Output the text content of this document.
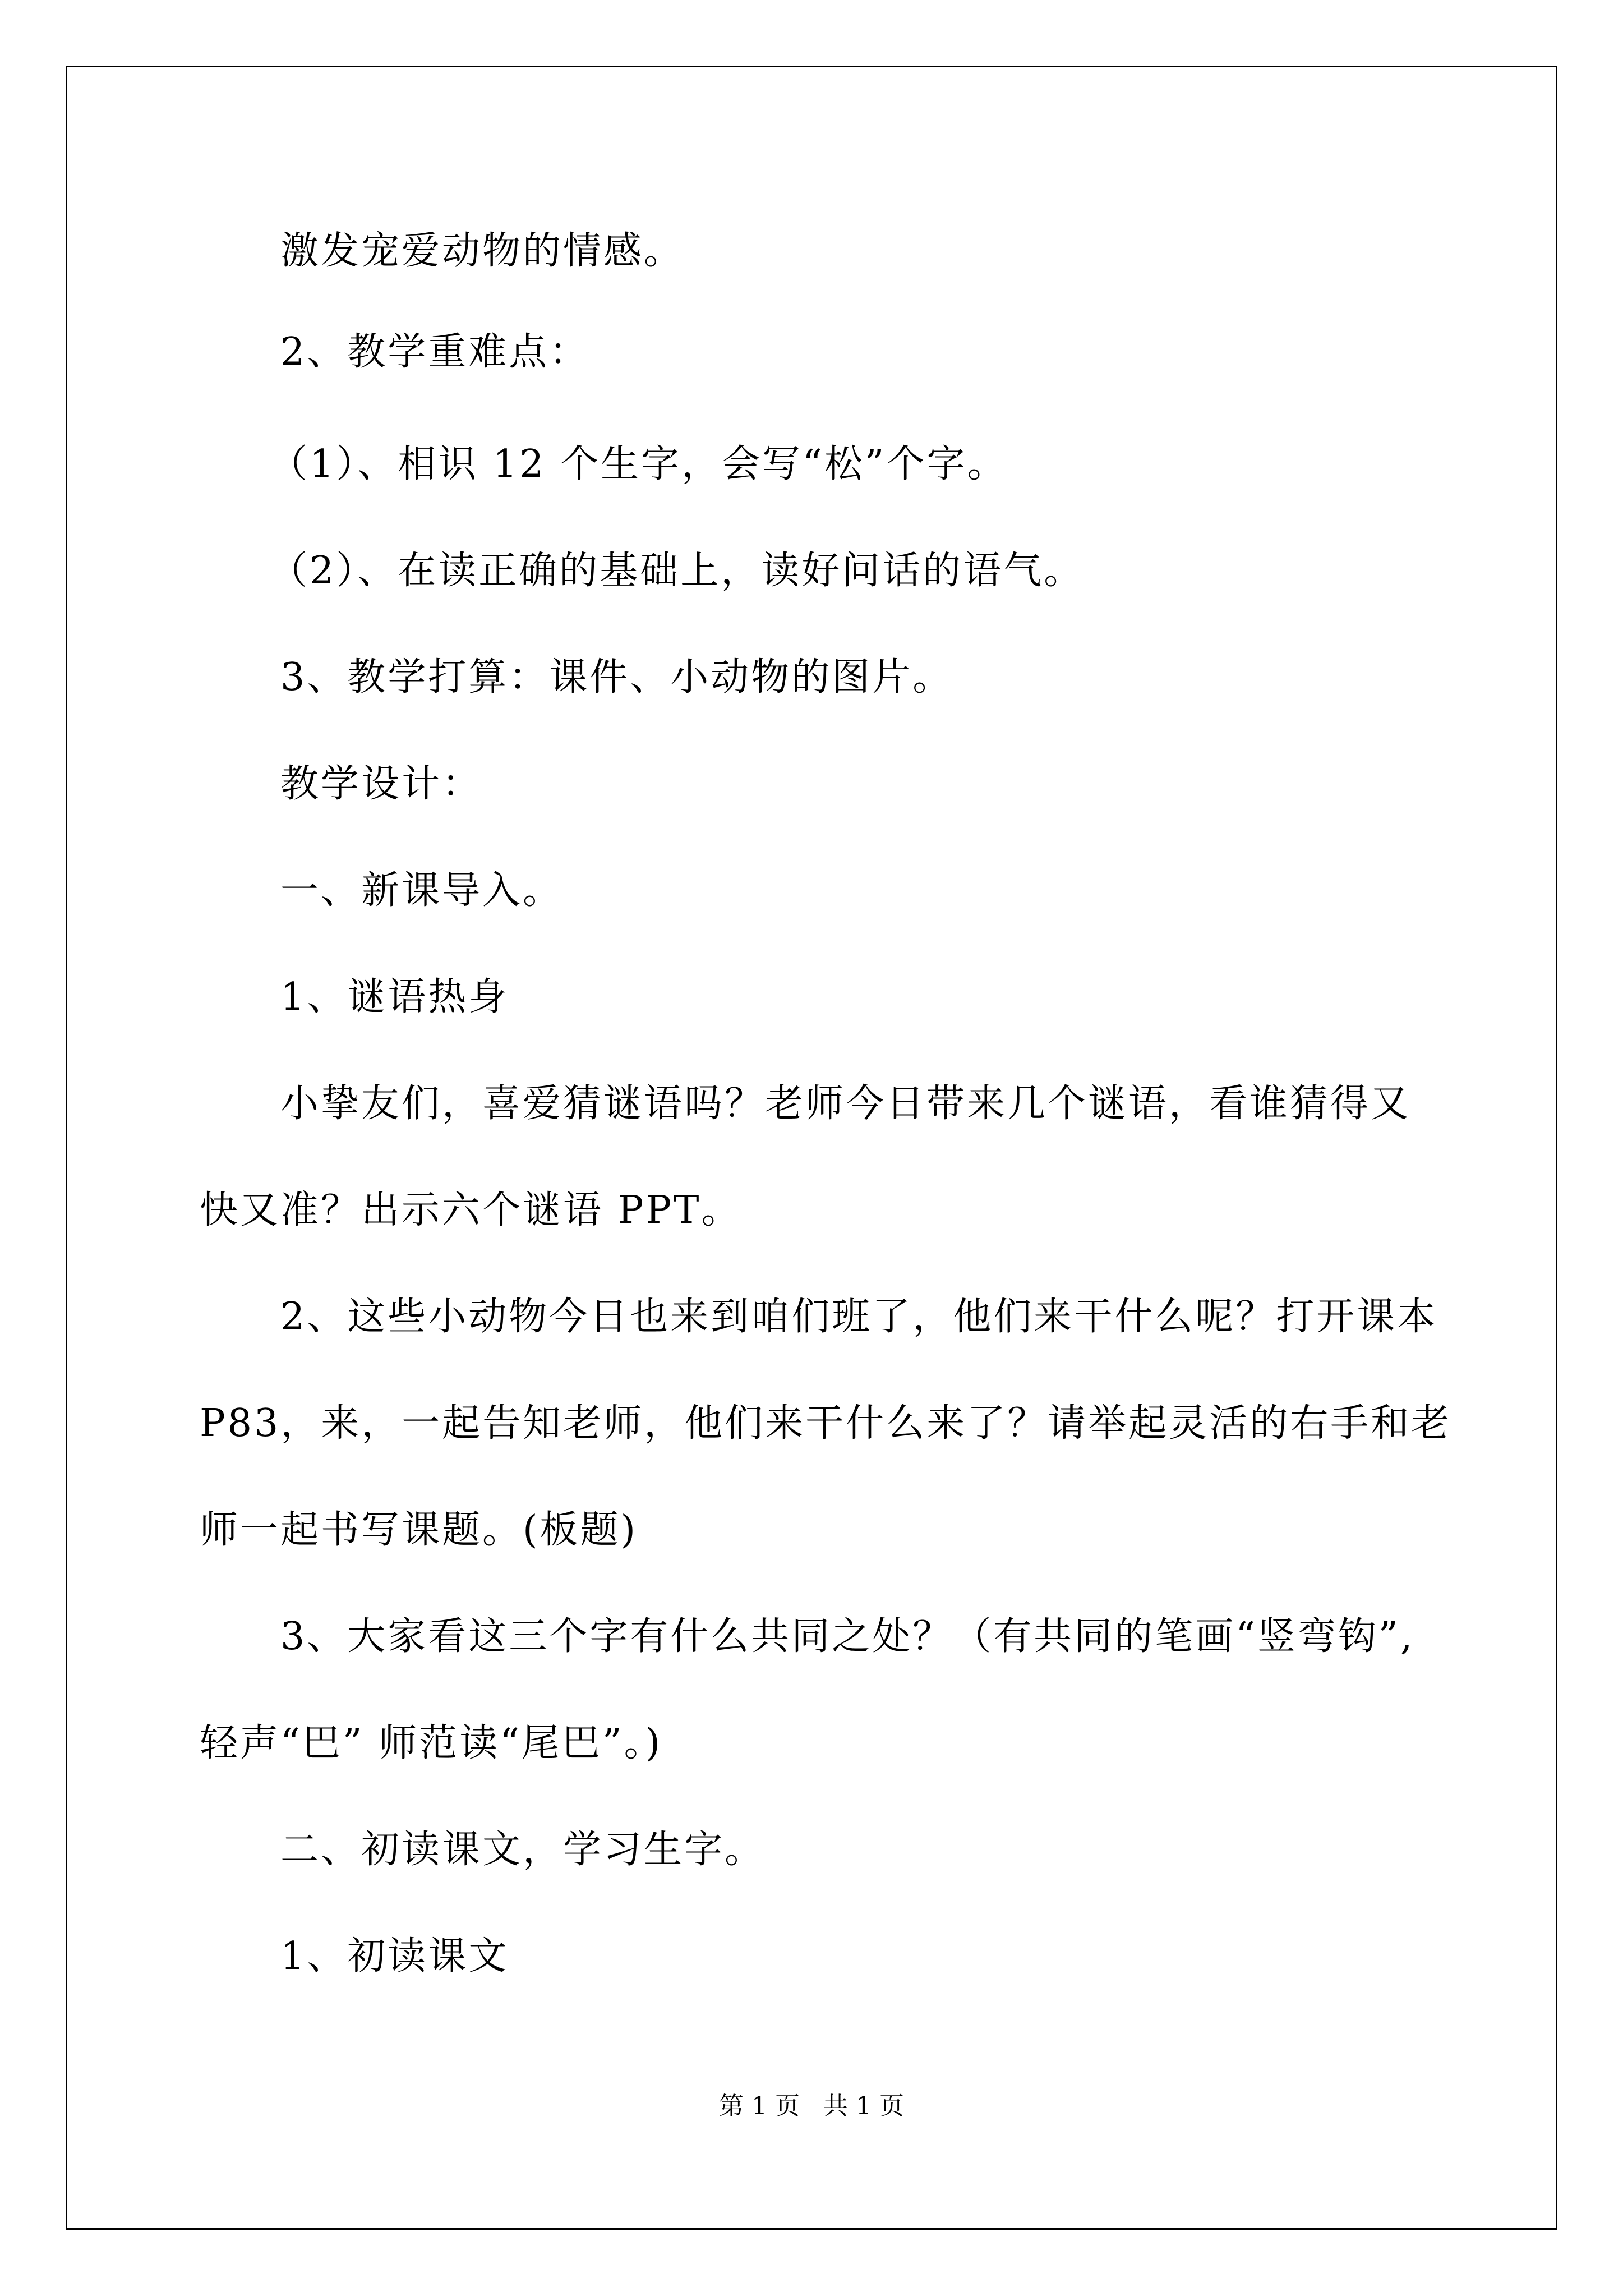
激发宠爱动物的情感。
2、教学重难点：
（1）、相识 12 个生字，会写“松”个字。
（2）、在读正确的基础上，读好问话的语气。
3、教学打算：课件、小动物的图片。
教学设计：
一、新课导入。
1、谜语热身
小挚友们，喜爱猜谜语吗？老师今日带来几个谜语，看谁猜得又
快又准？出示六个谜语 PPT。
2、这些小动物今日也来到咱们班了，他们来干什么呢？打开课本
P83，来，一起告知老师，他们来干什么来了？请举起灵活的右手和老
师一起书写课题。(板题)
3、大家看这三个字有什么共同之处？（有共同的笔画“竖弯钩”,
轻声“巴” 师范读“尾巴”。)
二、初读课文，学习生字。
1、初读课文
第 1 页   共 1 页
